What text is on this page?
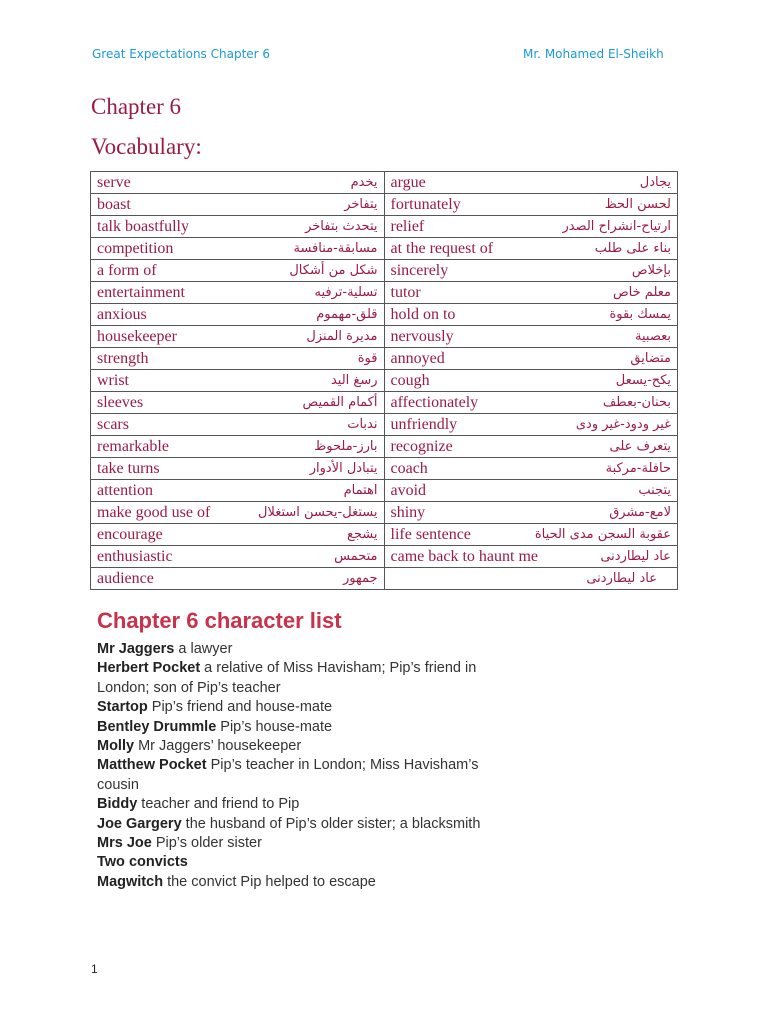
Great Expectations Chapter 6	Mr. Mohamed El-Sheikh
Chapter 6
Vocabulary:
serve يخدم	argue يجادل

boast يتفاخر	fortunately لحسن الحظ

talk boastfully يتحدث بتفاخر	relief ارتياح-انشراح الصدر

competition مسابقة-منافسة	at the request of بناء على طلب

a form of شكل من أشكال	sincerely بإخلاص

entertainment تسلية-ترفيه	tutor معلم خاص

anxious قلق-مهموم	hold on to يمسك بقوة

housekeeper مديرة المنزل	nervously بعصبية

strength قوة	annoyed متضايق

wrist رسغ اليد	cough يكح-يسعل

sleeves أكمام القميص	affectionately بحنان-بعطف

scars ندبات	unfriendly غير ودود-غير ودى

remarkable بارز-ملحوظ	recognize يتعرف على

take turns يتبادل الأدوار	coach حافلة-مركبة

attention اهتمام	avoid يتجنب

make good use of يستغل-يحسن استغلال	shiny لامع-مشرق

encourage يشجع	life sentence عقوبة السجن مدى الحياة

enthusiastic متحمس	came back to haunt me عاد ليطاردنى

audience جمهور	عاد ليطاردنى
Chapter 6 character list
Mr Jaggers a lawyer
Herbert Pocket a relative of Miss Havisham; Pip’s friend in London; son of Pip’s teacher
Startop Pip’s friend and house-mate
Bentley Drummle Pip’s house-mate
Molly Mr Jaggers’ housekeeper
Matthew Pocket Pip’s teacher in London; Miss Havisham’s cousin
Biddy teacher and friend to Pip
Joe Gargery the husband of Pip’s older sister; a blacksmith
Mrs Joe Pip’s older sister
Two convicts
Magwitch the convict Pip helped to escape
1
